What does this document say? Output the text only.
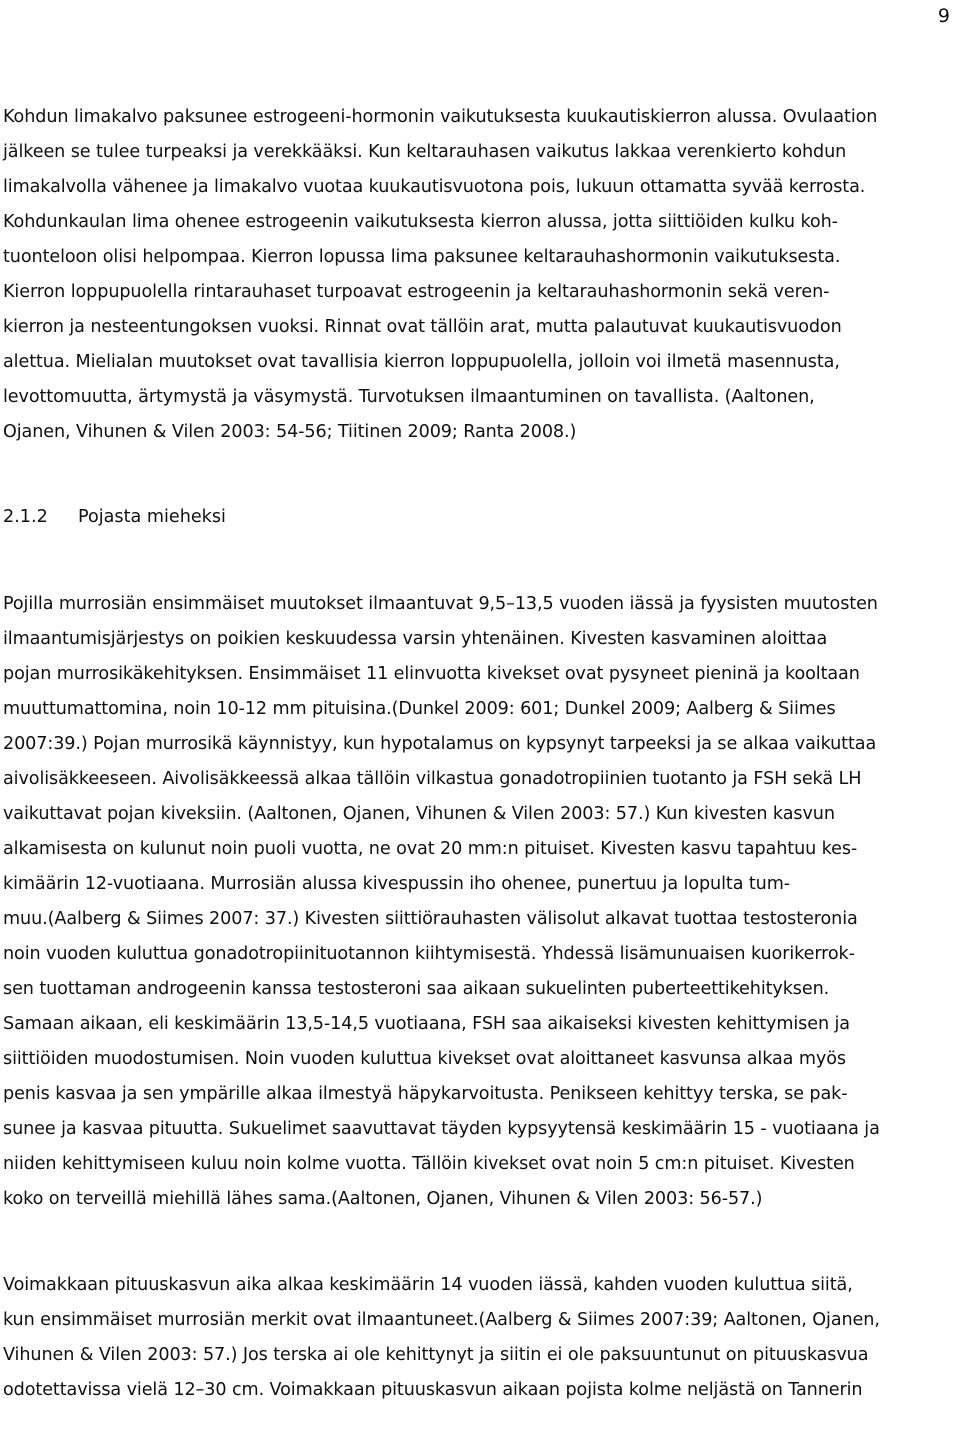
9
Kohdun limakalvo paksunee estrogeeni-hormonin vaikutuksesta kuukautiskierron alussa. Ovulaation
jälkeen se tulee turpeaksi ja verekkääksi. Kun keltarauhasen vaikutus lakkaa verenkierto kohdun
limakalvolla vähenee ja limakalvo vuotaa kuukautisvuotona pois, lukuun ottamatta syvää kerrosta.
Kohdunkaulan lima ohenee estrogeenin vaikutuksesta kierron alussa, jotta siittiöiden kulku koh-
tuonteloon olisi helpompaa. Kierron lopussa lima paksunee keltarauhashormonin vaikutuksesta.
Kierron loppupuolella rintarauhaset turpoavat estrogeenin ja keltarauhashormonin sekä veren-
kierron ja nesteentungoksen vuoksi. Rinnat ovat tällöin arat, mutta palautuvat kuukautisvuodon
alettua. Mielialan muutokset ovat tavallisia kierron loppupuolella, jolloin voi ilmetä masennusta,
levottomuutta, ärtymystä ja väsymystä. Turvotuksen ilmaantuminen on tavallista. (Aaltonen,
Ojanen, Vihunen & Vilen 2003: 54-56; Tiitinen 2009; Ranta 2008.)
2.1.2 Pojasta mieheksi
Pojilla murrosiän ensimmäiset muutokset ilmaantuvat 9,5–13,5 vuoden iässä ja fyysisten muutosten
ilmaantumisjärjestys on poikien keskuudessa varsin yhtenäinen. Kivesten kasvaminen aloittaa
pojan murrosikäkehityksen. Ensimmäiset 11 elinvuotta kivekset ovat pysyneet pieninä ja kooltaan
muuttumattomina, noin 10-12 mm pituisina.(Dunkel 2009: 601; Dunkel 2009; Aalberg & Siimes
2007:39.) Pojan murrosikä käynnistyy, kun hypotalamus on kypsynyt tarpeeksi ja se alkaa vaikuttaa
aivolisäkkeeseen. Aivolisäkkeessä alkaa tällöin vilkastua gonadotropiinien tuotanto ja FSH sekä LH
vaikuttavat pojan kiveksiin. (Aaltonen, Ojanen, Vihunen & Vilen 2003: 57.) Kun kivesten kasvun
alkamisesta on kulunut noin puoli vuotta, ne ovat 20 mm:n pituiset. Kivesten kasvu tapahtuu kes-
kimäärin 12-vuotiaana. Murrosiän alussa kivespussin iho ohenee, punertuu ja lopulta tum-
muu.(Aalberg & Siimes 2007: 37.) Kivesten siittiörauhasten välisolut alkavat tuottaa testosteronia
noin vuoden kuluttua gonadotropiinituotannon kiihtymisestä. Yhdessä lisämunuaisen kuorikerrok-
sen tuottaman androgeenin kanssa testosteroni saa aikaan sukuelinten puberteettikehityksen.
Samaan aikaan, eli keskimäärin 13,5-14,5 vuotiaana, FSH saa aikaiseksi kivesten kehittymisen ja
siittiöiden muodostumisen. Noin vuoden kuluttua kivekset ovat aloittaneet kasvunsa alkaa myös
penis kasvaa ja sen ympärille alkaa ilmestyä häpykarvoitusta. Penikseen kehittyy terska, se pak-
sunee ja kasvaa pituutta. Sukuelimet saavuttavat täyden kypsyytensä keskimäärin 15 - vuotiaana ja
niiden kehittymiseen kuluu noin kolme vuotta. Tällöin kivekset ovat noin 5 cm:n pituiset. Kivesten
koko on terveillä miehillä lähes sama.(Aaltonen, Ojanen, Vihunen & Vilen 2003: 56-57.)
Voimakkaan pituuskasvun aika alkaa keskimäärin 14 vuoden iässä, kahden vuoden kuluttua siitä,
kun ensimmäiset murrosiän merkit ovat ilmaantuneet.(Aalberg & Siimes 2007:39; Aaltonen, Ojanen,
Vihunen & Vilen 2003: 57.) Jos terska ai ole kehittynyt ja siitin ei ole paksuuntunut on pituuskasvua
odotettavissa vielä 12–30 cm. Voimakkaan pituuskasvun aikaan pojista kolme neljästä on Tannerin
